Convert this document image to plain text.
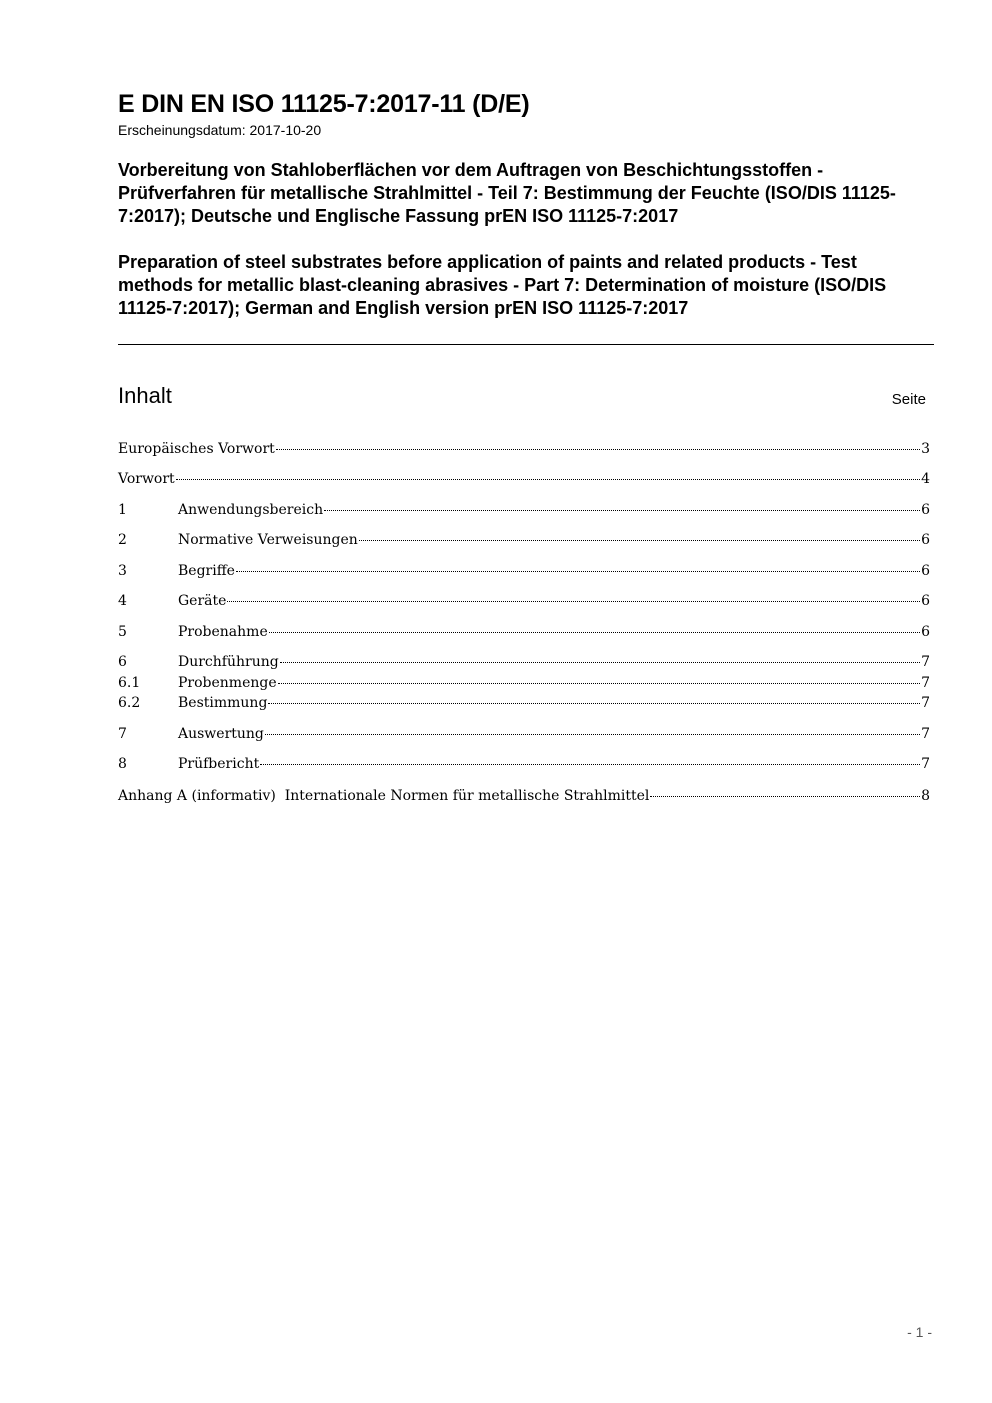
E DIN EN ISO 11125-7:2017-11 (D/E)
Erscheinungsdatum: 2017-10-20
Vorbereitung von Stahloberflächen vor dem Auftragen von Beschichtungsstoffen - Prüfverfahren für metallische Strahlmittel - Teil 7: Bestimmung der Feuchte (ISO/DIS 11125-7:2017); Deutsche und Englische Fassung prEN ISO 11125-7:2017
Preparation of steel substrates before application of paints and related products - Test methods for metallic blast-cleaning abrasives - Part 7: Determination of moisture (ISO/DIS 11125-7:2017); German and English version prEN ISO 11125-7:2017
Inhalt	Seite
Europäisches Vorwort	3
Vorwort	4
1	Anwendungsbereich	6
2	Normative Verweisungen	6
3	Begriffe	6
4	Geräte	6
5	Probenahme	6
6	Durchführung	7
6.1	Probenmenge	7
6.2	Bestimmung	7
7	Auswertung	7
8	Prüfbericht	7
Anhang A (informativ)  Internationale Normen für metallische Strahlmittel	8
- 1 -
